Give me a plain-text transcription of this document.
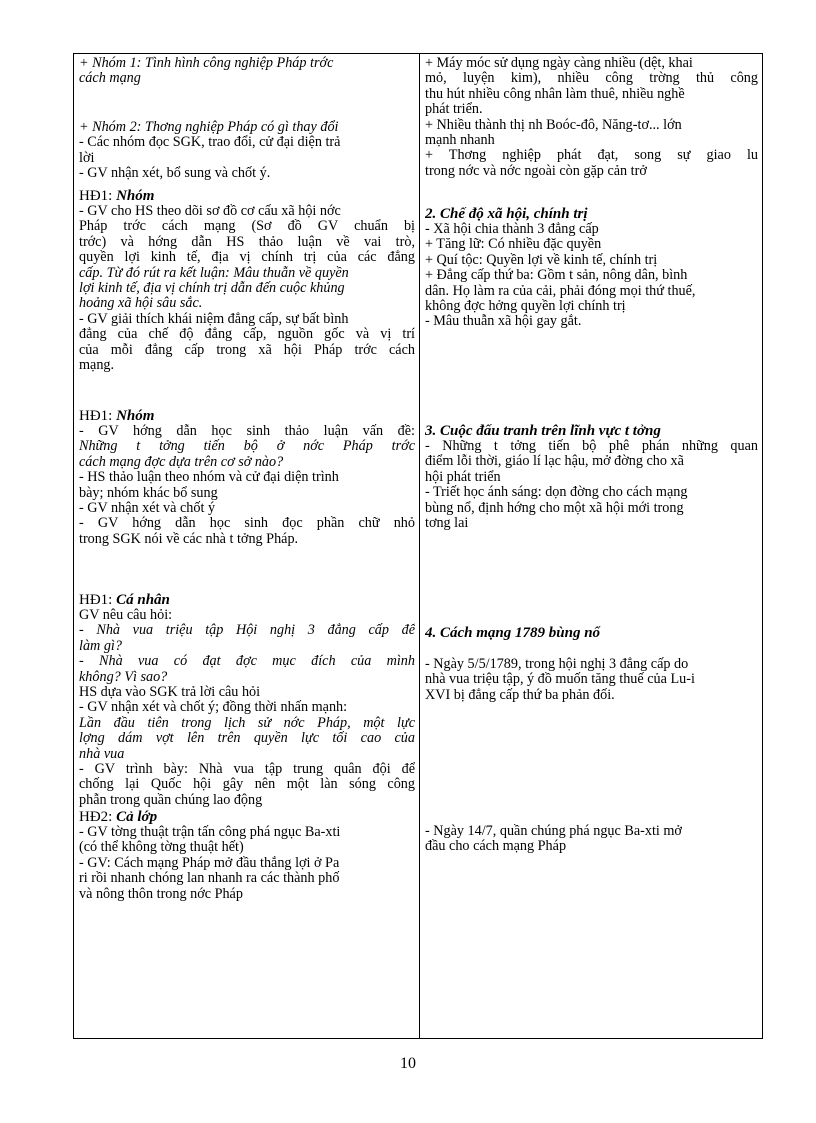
+ Nhóm 1: Tình hình công nghiệp Pháp trớc
cách mạng
+ Nhóm 2: Thơng nghiệp Pháp có gì thay đổi
- Các nhóm đọc SGK, trao đổi, cử đại diện trả
lời
- GV nhận xét, bổ sung và chốt ý.
HĐ1: Nhóm
- GV cho HS theo dõi sơ đồ cơ cấu xã hội nớc
Pháp trớc cách mạng (Sơ đồ GV chuẩn bị
trớc) và hớng dẫn HS thảo luận về vai trò,
quyền lợi kinh tế, địa vị chính trị của các đẳng
cấp. Từ đó rút ra kết luận: Mâu thuẫn về quyền
lợi kinh tế, địa vị chính trị dẫn đến cuộc khủng
hoảng xã hội sâu sắc.
- GV giải thích khái niệm đẳng cấp, sự bất bình
đẳng của chế độ đẳng cấp, nguồn gốc và vị trí
của mỗi đẳng cấp trong xã hội Pháp trớc cách
mạng.
HĐ1: Nhóm
- GV hớng dẫn học sinh thảo luận vấn đề:
Những t tởng tiến bộ ở nớc Pháp trớc
cách mạng đợc dựa trên cơ sở nào?
- HS thảo luận theo nhóm và cử đại diện trình
bày; nhóm khác bổ sung
- GV nhận xét và chốt ý
- GV hớng dẫn học sinh đọc phần chữ nhỏ
trong SGK nói về các nhà t tởng Pháp.
HĐ1: Cá nhân
GV nêu câu hỏi:
- Nhà vua triệu tập Hội nghị 3 đẳng cấp để
làm gì?
- Nhà vua có đạt đợc mục đích của mình
không? Vì sao?
HS dựa vào SGK trả lời câu hỏi
- GV nhận xét và chốt ý; đồng thời nhấn mạnh:
Lần đầu tiên trong lịch sử nớc Pháp, một lực
lợng dám vợt lên trên quyền lực tối cao của
nhà vua
- GV trình bày: Nhà vua tập trung quân đội để
chống lại Quốc hội gây nên một làn sóng công
phẫn trong quần chúng lao động
HĐ2: Cả lớp
- GV tờng thuật trận tấn công phá ngục Ba-xti
(có thể không tờng thuật hết)
- GV: Cách mạng Pháp mở đầu thắng lợi ở Pa
ri rồi nhanh chóng lan nhanh ra các thành phố
và nông thôn trong nớc Pháp
+ Máy móc sử dụng ngày càng nhiều (dệt, khai
mỏ, luyện kim), nhiều công trờng thủ công
thu hút nhiều công nhân làm thuê, nhiều nghề
phát triển.
+ Nhiều thành thị nh Boóc-đô, Năng-tơ... lớn
mạnh nhanh
+ Thơng nghiệp phát đạt, song sự giao lu
trong nớc và nớc ngoài còn gặp cản trở
2. Chế độ xã hội, chính trị
- Xã hội chia thành 3 đẳng cấp
+ Tăng lữ: Có nhiều đặc quyền
+ Quí tộc: Quyền lợi về kinh tế, chính trị
+ Đẳng cấp thứ ba: Gồm t sản, nông dân, bình
dân. Họ làm ra của cải, phải đóng mọi thứ thuế,
không đợc hởng quyền lợi chính trị
- Mâu thuẫn xã hội gay gắt.
3. Cuộc đấu tranh trên lĩnh vực t tởng
- Những t tởng tiến bộ phê phán những quan
điểm lỗi thời, giáo lí lạc hậu, mở đờng cho xã
hội phát triển
- Triết học ánh sáng: dọn đờng cho cách mạng
bùng nổ, định hớng cho một xã hội mới trong
tơng lai
4. Cách mạng 1789 bùng nổ
- Ngày 5/5/1789, trong hội nghị 3 đẳng cấp do
nhà vua triệu tập, ý đồ muốn tăng thuế của Lu-i
XVI bị đẳng cấp thứ ba phản đối.
- Ngày 14/7, quần chúng phá ngục Ba-xti mở
đầu cho cách mạng Pháp
10
